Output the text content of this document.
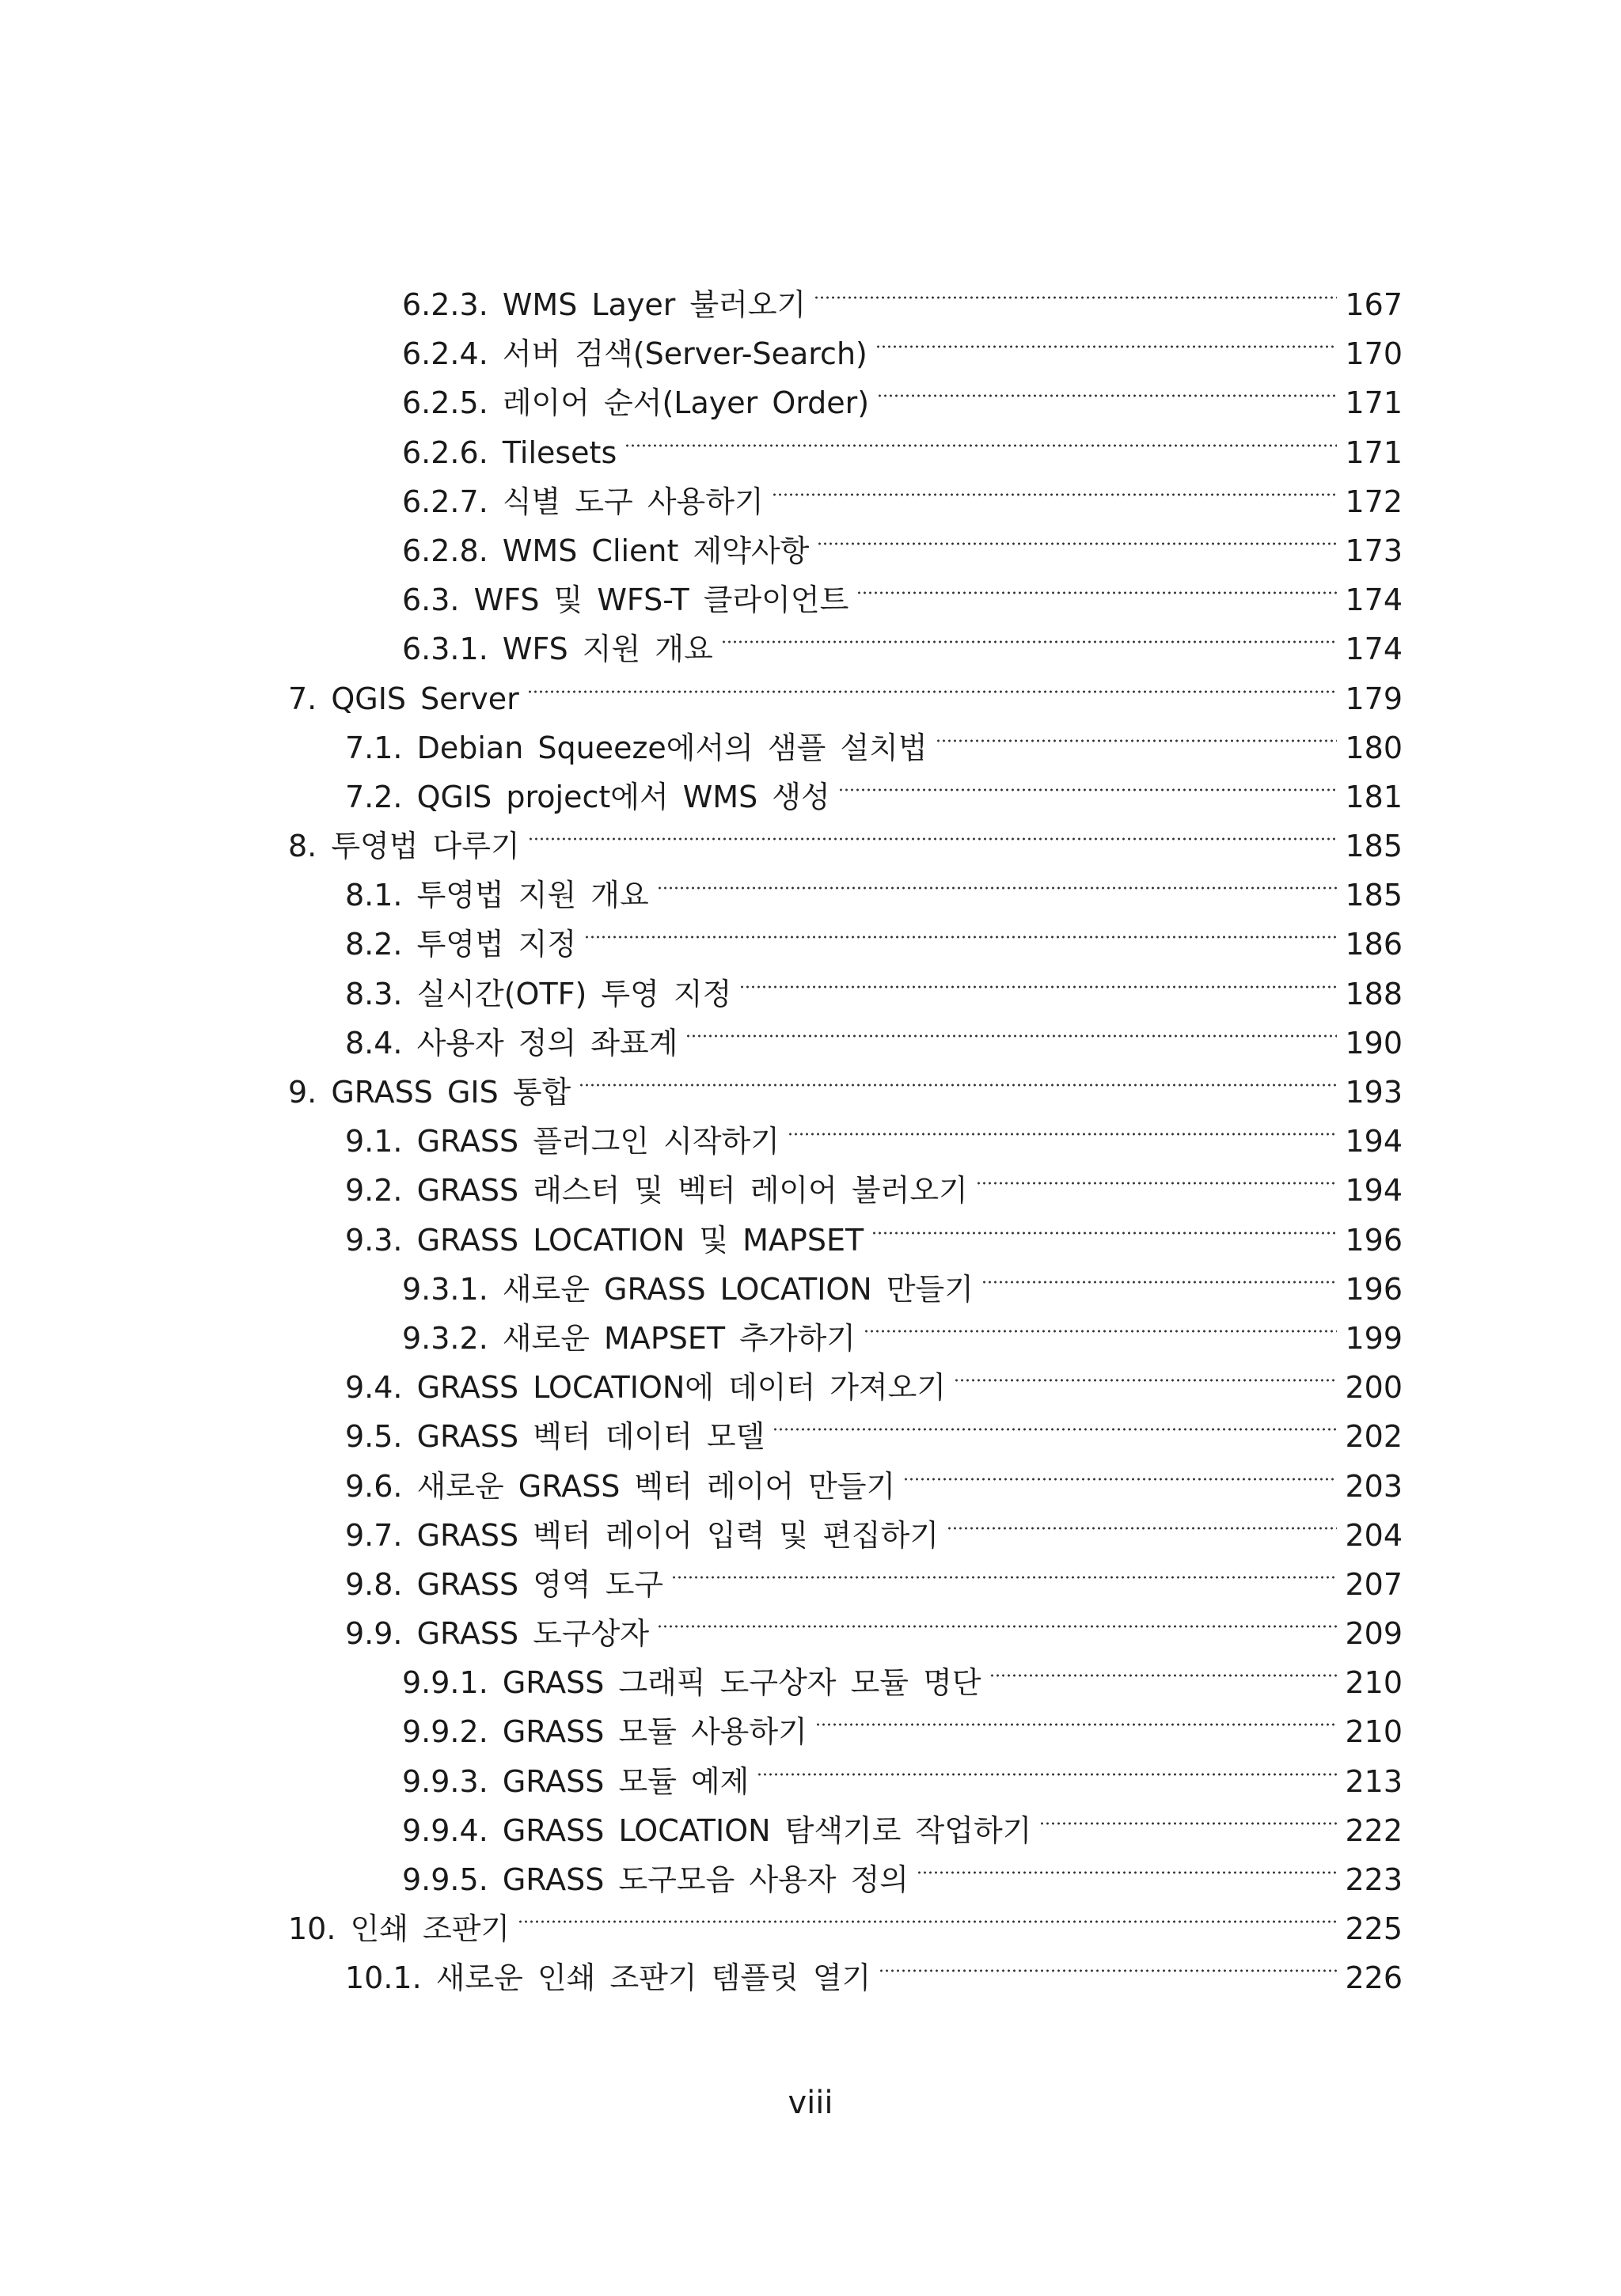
6.2.3. WMS Layer 불러오기	167
6.2.4. 서버 검색(Server-Search)	170
6.2.5. 레이어 순서(Layer Order)	171
6.2.6. Tilesets	171
6.2.7. 식별 도구 사용하기	172
6.2.8. WMS Client 제약사항	173
6.3. WFS 및 WFS-T 클라이언트	174
6.3.1. WFS 지원 개요	174
7. QGIS Server	179
7.1. Debian Squeeze에서의 샘플 설치법	180
7.2. QGIS project에서 WMS 생성	181
8. 투영법 다루기	185
8.1. 투영법 지원 개요	185
8.2. 투영법 지정	186
8.3. 실시간(OTF) 투영 지정	188
8.4. 사용자 정의 좌표계	190
9. GRASS GIS 통합	193
9.1. GRASS 플러그인 시작하기	194
9.2. GRASS 래스터 및 벡터 레이어 불러오기	194
9.3. GRASS LOCATION 및 MAPSET	196
9.3.1. 새로운 GRASS LOCATION 만들기	196
9.3.2. 새로운 MAPSET 추가하기	199
9.4. GRASS LOCATION에 데이터 가져오기	200
9.5. GRASS 벡터 데이터 모델	202
9.6. 새로운 GRASS 벡터 레이어 만들기	203
9.7. GRASS 벡터 레이어 입력 및 편집하기	204
9.8. GRASS 영역 도구	207
9.9. GRASS 도구상자	209
9.9.1. GRASS 그래픽 도구상자 모듈 명단	210
9.9.2. GRASS 모듈 사용하기	210
9.9.3. GRASS 모듈 예제	213
9.9.4. GRASS LOCATION 탐색기로 작업하기	222
9.9.5. GRASS 도구모음 사용자 정의	223
10. 인쇄 조판기	225
10.1. 새로운 인쇄 조판기 템플릿 열기	226
viii
